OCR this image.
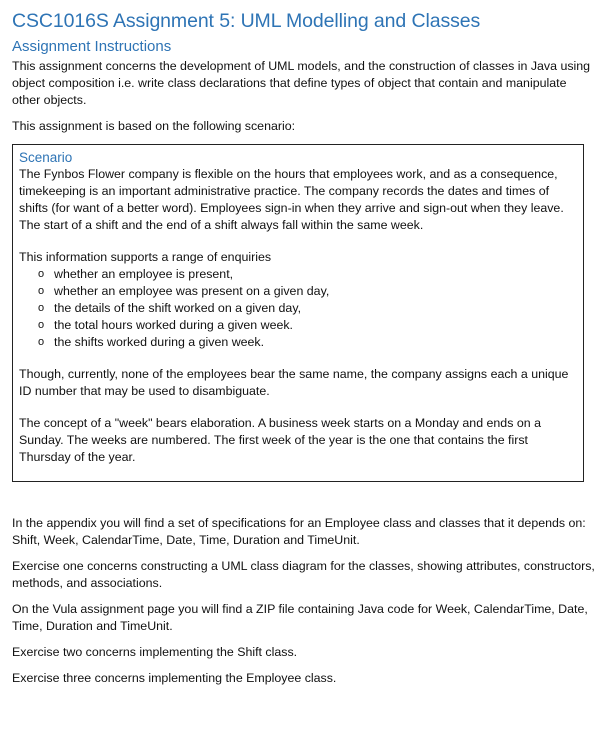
CSC1016S Assignment 5: UML Modelling and Classes
Assignment Instructions

This assignment concerns the development of UML models, and the construction of classes in Java using object composition i.e. write class declarations that define types of object that contain and manipulate other objects.

This assignment is based on the following scenario:

Scenario

The Fynbos Flower company is flexible on the hours that employees work, and as a consequence, timekeeping is an important administrative practice. The company records the dates and times of shifts (for want of a better word). Employees sign-in when they arrive and sign-out when they leave. The start of a shift and the end of a shift always fall within the same week.

This information supports a range of enquiries

o whether an employee is present,
o whether an employee was present on a given day,
o the details of the shift worked on a given day,
o the total hours worked during a given week.
o the shifts worked during a given week.

Though, currently, none of the employees bear the same name, the company assigns each a unique ID number that may be used to disambiguate.

The concept of a "week" bears elaboration. A business week starts on a Monday and ends on a Sunday. The weeks are numbered. The first week of the year is the one that contains the first Thursday of the year.

In the appendix you will find a set of specifications for an Employee class and classes that it depends on: Shift, Week, CalendarTime, Date, Time, Duration and TimeUnit.

Exercise one concerns constructing a UML class diagram for the classes, showing attributes, constructors, methods, and associations.

On the Vula assignment page you will find a ZIP file containing Java code for Week, CalendarTime, Date, Time, Duration and TimeUnit.

Exercise two concerns implementing the Shift class.

Exercise three concerns implementing the Employee class.
